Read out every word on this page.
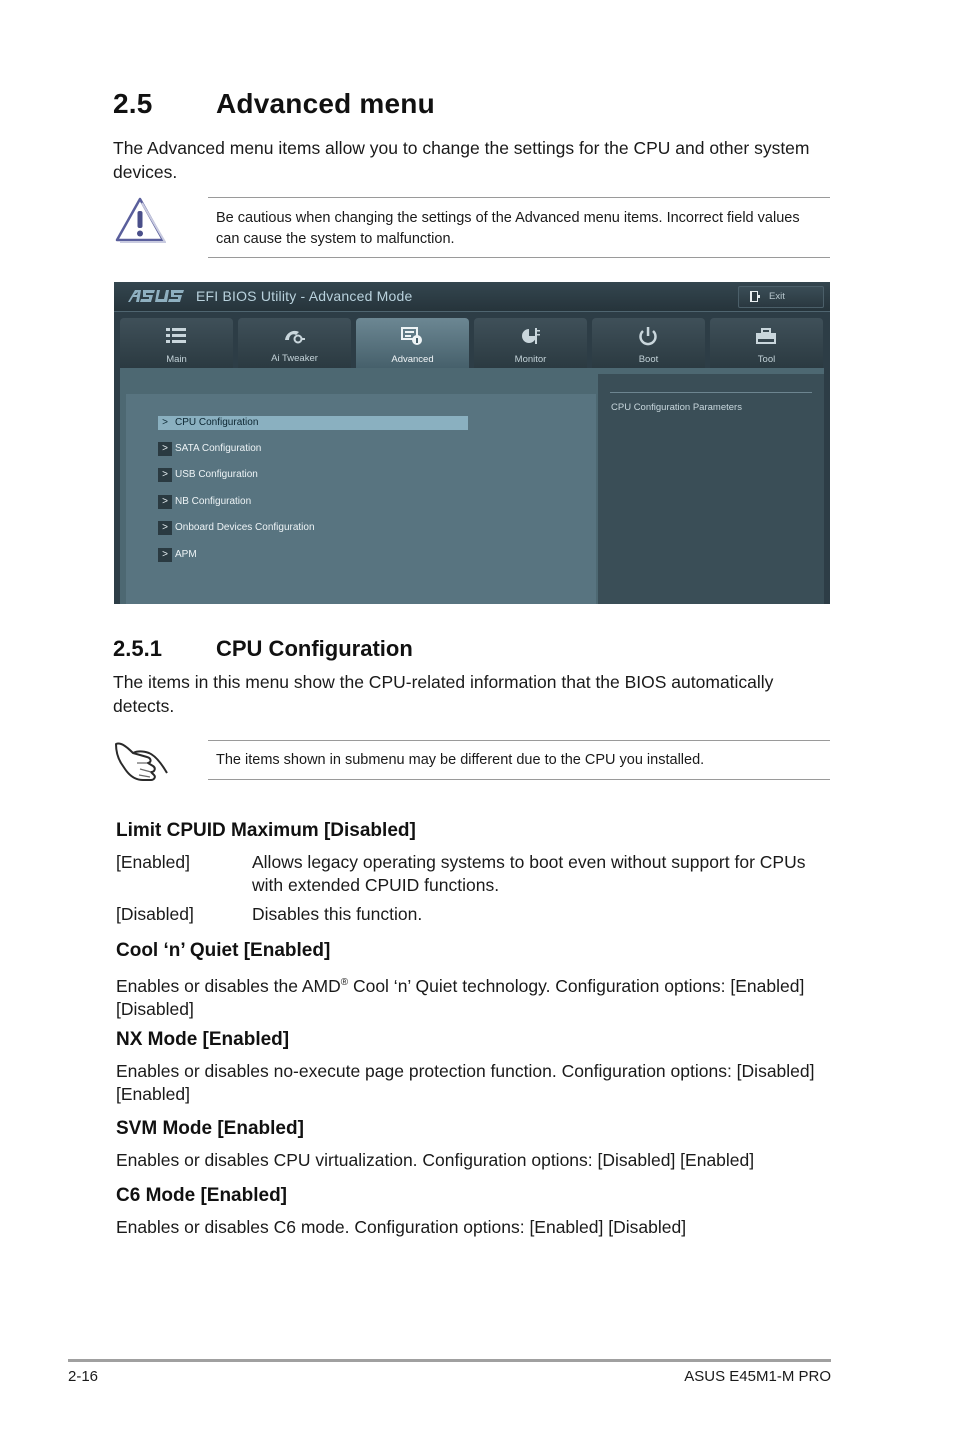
2.5 Advanced menu
The Advanced menu items allow you to change the settings for the CPU and other system devices.
Be cautious when changing the settings of the Advanced menu items. Incorrect field values can cause the system to malfunction.
EFI BIOS Utility - Advanced Mode	Exit
Main	Ai Tweaker	Advanced	Monitor	Boot	Tool
> CPU Configuration
> SATA Configuration
> USB Configuration
> NB Configuration
> Onboard Devices Configuration
> APM
CPU Configuration Parameters
2.5.1 CPU Configuration
The items in this menu show the CPU-related information that the BIOS automatically detects.
The items shown in submenu may be different due to the CPU you installed.
Limit CPUID Maximum [Disabled]
[Enabled]	Allows legacy operating systems to boot even without support for CPUs with extended CPUID functions.
[Disabled]	Disables this function.
Cool ‘n’ Quiet [Enabled]
Enables or disables the AMD® Cool ‘n’ Quiet technology. Configuration options: [Enabled] [Disabled]
NX Mode [Enabled]
Enables or disables no-execute page protection function. Configuration options: [Disabled] [Enabled]
SVM Mode [Enabled]
Enables or disables CPU virtualization. Configuration options: [Disabled] [Enabled]
C6 Mode [Enabled]
Enables or disables C6 mode. Configuration options: [Enabled] [Disabled]
2-16	ASUS E45M1-M PRO
